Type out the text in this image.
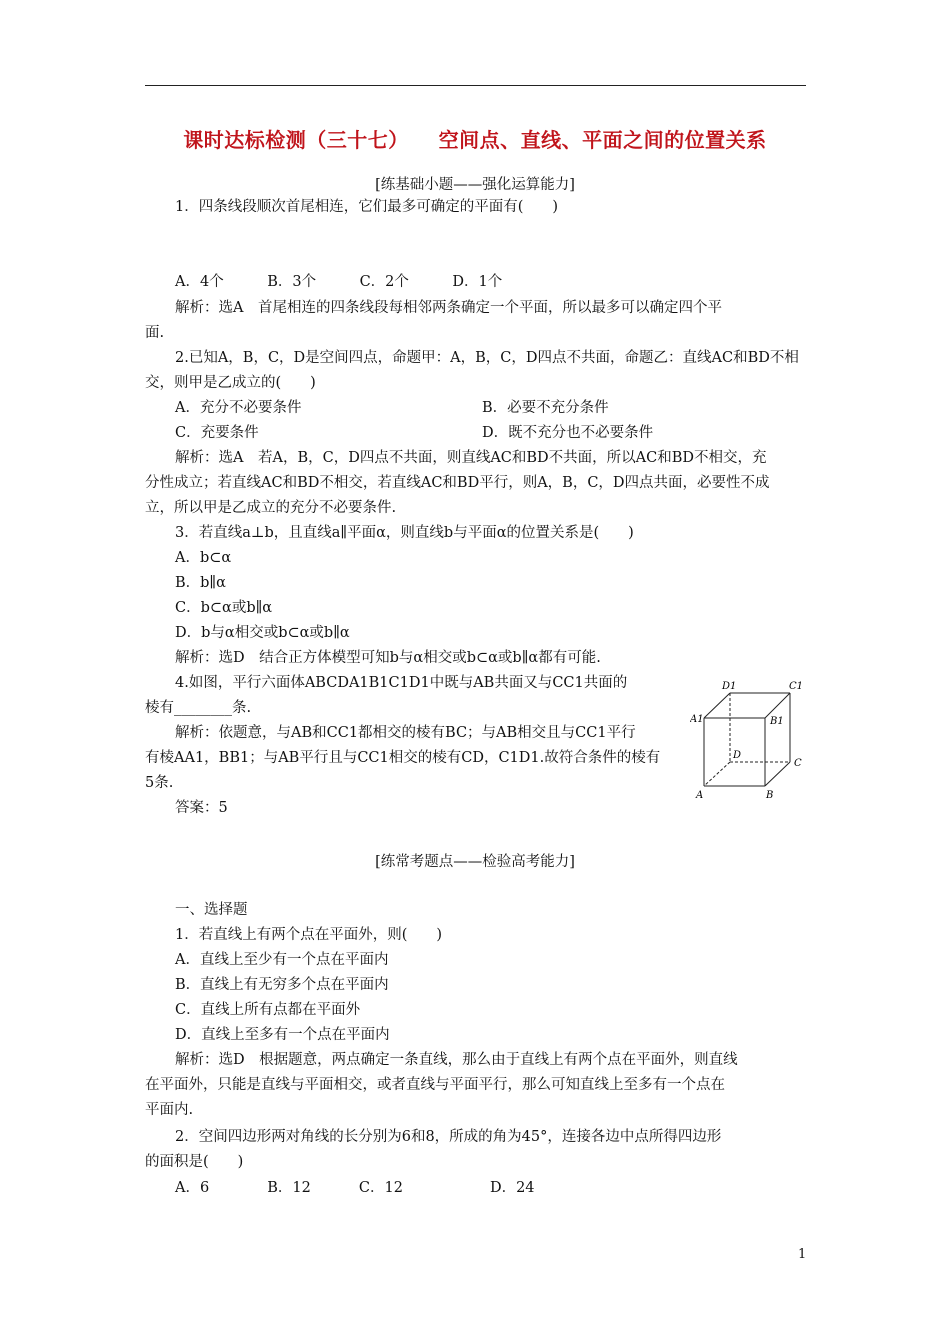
课时达标检测（三十七）    空间点、直线、平面之间的位置关系
[练基础小题——强化运算能力]
1．四条线段顺次首尾相连，它们最多可确定的平面有(　　)
A．4个　　　B．3个　　　C．2个　　　D．1个
解析：选A　首尾相连的四条线段每相邻两条确定一个平面，所以最多可以确定四个平
面.
2.已知A，B，C，D是空间四点，命题甲：A，B，C，D四点不共面，命题乙：直线AC和BD不相
交，则甲是乙成立的(　　)
A．充分不必要条件	B．必要不充分条件
C．充要条件	D．既不充分也不必要条件
解析：选A　若A，B，C，D四点不共面，则直线AC和BD不共面，所以AC和BD不相交，充
分性成立；若直线AC和BD不相交，若直线AC和BD平行，则A，B，C，D四点共面，必要性不成
立，所以甲是乙成立的充分不必要条件.
3．若直线a⊥b，且直线a∥平面α，则直线b与平面α的位置关系是(　　)
A．b⊂α
B．b∥α
C．b⊂α或b∥α
D．b与α相交或b⊂α或b∥α
解析：选D　结合正方体模型可知b与α相交或b⊂α或b∥α都有可能.
4.如图，平行六面体ABCDA1B1C1D1中既与AB共面又与CC1共面的
棱有________条.
解析：依题意，与AB和CC1都相交的棱有BC；与AB相交且与CC1平行
有棱AA1，BB1；与AB平行且与CC1相交的棱有CD，C1D1.故符合条件的棱有
5条.
答案：5
D1	C1
A1	B1
D
C
A	B
[练常考题点——检验高考能力]
一、选择题
1．若直线上有两个点在平面外，则(　　)
A．直线上至少有一个点在平面内
B．直线上有无穷多个点在平面内
C．直线上所有点都在平面外
D．直线上至多有一个点在平面内
解析：选D　根据题意，两点确定一条直线，那么由于直线上有两个点在平面外，则直线
在平面外，只能是直线与平面相交，或者直线与平面平行，那么可知直线上至多有一个点在
平面内.
2．空间四边形两对角线的长分别为6和8，所成的角为45°，连接各边中点所得四边形
的面积是(　　)
A．6　　　　B．12　　　 C．12　　　　　　D．24
1
